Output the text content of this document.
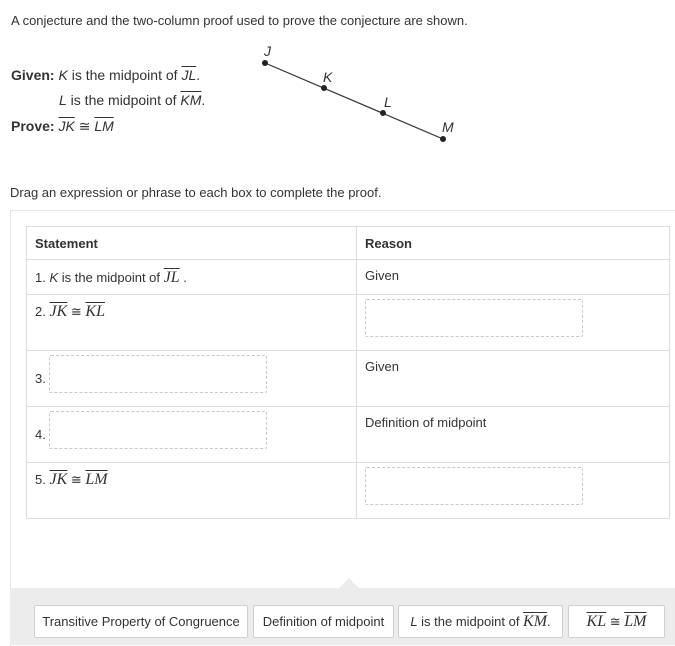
A conjecture and the two-column proof used to prove the conjecture are shown.
Given: K is the midpoint of $\overline{JL}$.
L is the midpoint of $\overline{KM}$.
Prove: $\overline{JK}$ ≅ $\overline{LM}$
J
K
L
M
Drag an expression or phrase to each box to complete the proof.
Statement	Reason

1. K is the midpoint of $\overline{JL}$ .	Given

2. $\overline{JK}$ ≅ $\overline{KL}$

3.	Given

4.	Definition of midpoint

5. $\overline{JK}$ ≅ $\overline{LM}$

Transitive Property of Congruence Definition of midpoint L is the midpoint of $\overline{KM}$. $\overline{KL}$ ≅ $\overline{LM}$
